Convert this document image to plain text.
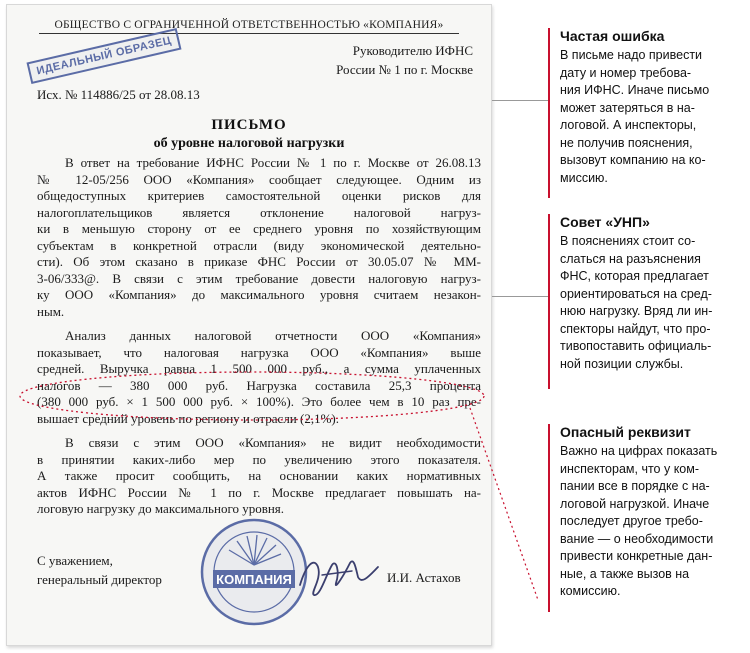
ОБЩЕСТВО С ОГРАНИЧЕННОЙ ОТВЕТСТВЕННОСТЬЮ «КОМПАНИЯ»
ИДЕАЛЬНЫЙ ОБРАЗЕЦ	Руководителю ИФНС
России № 1 по г. Москве
Исх. № 114886/25 от 28.08.13
ПИСЬМО
об уровне налоговой нагрузки
В ответ на требование ИФНС России № 1 по г. Москве от 26.08.13
№ 12-05/256 ООО «Компания» сообщает следующее. Одним из
общедоступных критериев самостоятельной оценки рисков для
налогоплательщиков является отклонение налоговой нагруз-
ки в меньшую сторону от ее среднего уровня по хозяйствующим
субъектам в конкретной отрасли (виду экономической деятельно-
сти). Об этом сказано в приказе ФНС России от 30.05.07 № ММ-
3-06/333@. В связи с этим требование довести налоговую нагруз-
ку ООО «Компания» до максимального уровня считаем незакон-
ным.
Анализ данных налоговой отчетности ООО «Компания»
показывает, что налоговая нагрузка ООО «Компания» выше
средней. Выручка равна 1 500 000 руб., а сумма уплаченных
налогов — 380 000 руб. Нагрузка составила 25,3 процента
(380 000 руб. × 1 500 000 руб. × 100%). Это более чем в 10 раз пре-
вышает средний уровень по региону и отрасли (2,1%).
В связи с этим ООО «Компания» не видит необходимости
в принятии каких-либо мер по увеличению этого показателя.
А также просит сообщить, на основании каких нормативных
актов ИФНС России № 1 по г. Москве предлагает повышать на-
логовую нагрузку до максимального уровня.
С уважением,
генеральный директор	КОМПАНИЯ	И.И. Астахов
Частая ошибка
В письме надо привести
дату и номер требова-
ния ИФНС. Иначе письмо
может затеряться в на-
логовой. А инспекторы,
не получив пояснения,
вызовут компанию на ко-
миссию.
Совет «УНП»
В пояснениях стоит со-
слаться на разъяснения
ФНС, которая предлагает
ориентироваться на сред-
нюю нагрузку. Вряд ли ин-
спекторы найдут, что про-
тивопоставить официаль-
ной позиции службы.
Опасный реквизит
Важно на цифрах показать
инспекторам, что у ком-
пании все в порядке с на-
логовой нагрузкой. Иначе
последует другое требо-
вание — о необходимости
привести конкретные дан-
ные, а также вызов на
комиссию.
